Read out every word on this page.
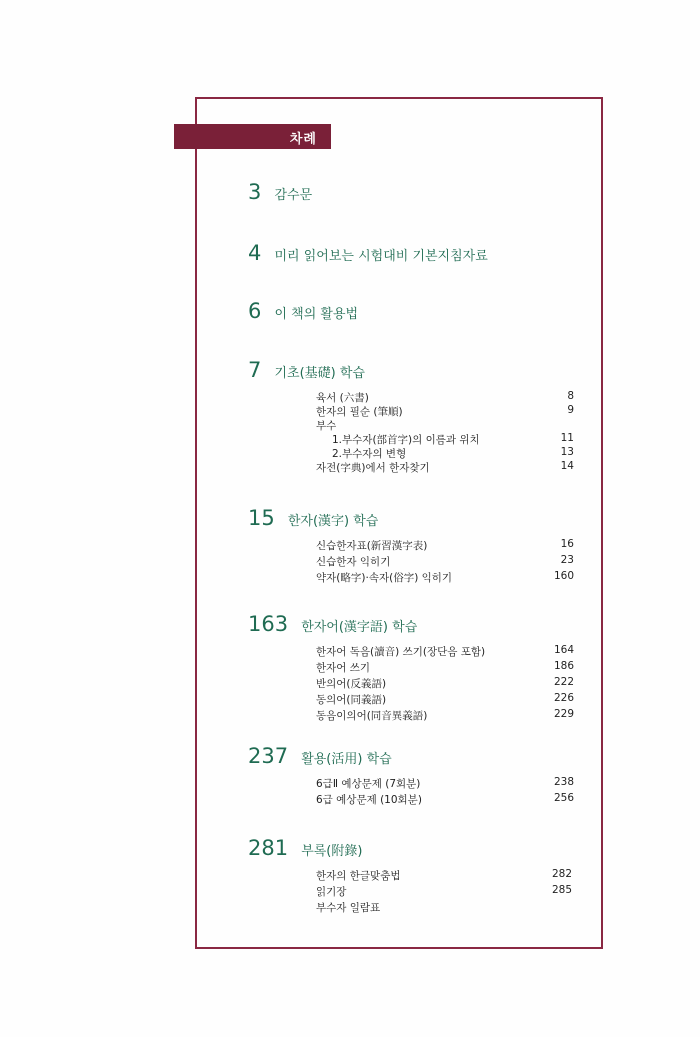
차례
3 감수문
4 미리 읽어보는 시험대비 기본지침자료
6 이 책의 활용법
7 기초(基礎) 학습
육서 (六書)	8
한자의 필순 (筆順)	9
부수
1.부수자(部首字)의 이름과 위치	11
2.부수자의 변형	13
자전(字典)에서 한자찾기	14
15 한자(漢字) 학습
신습한자표(新習漢字表)	16
신습한자 익히기	23
약자(略字)·속자(俗字) 익히기	160
163 한자어(漢字語) 학습
한자어 독음(讀音) 쓰기(장단음 포함)	164
한자어 쓰기	186
반의어(反義語)	222
동의어(同義語)	226
동음이의어(同音異義語)	229
237 활용(活用) 학습
6급Ⅱ 예상문제 (7회분)	238
6급 예상문제 (10회분)	256
281 부록(附錄)
한자의 한글맞춤법	282
읽기장	285
부수자 일람표
